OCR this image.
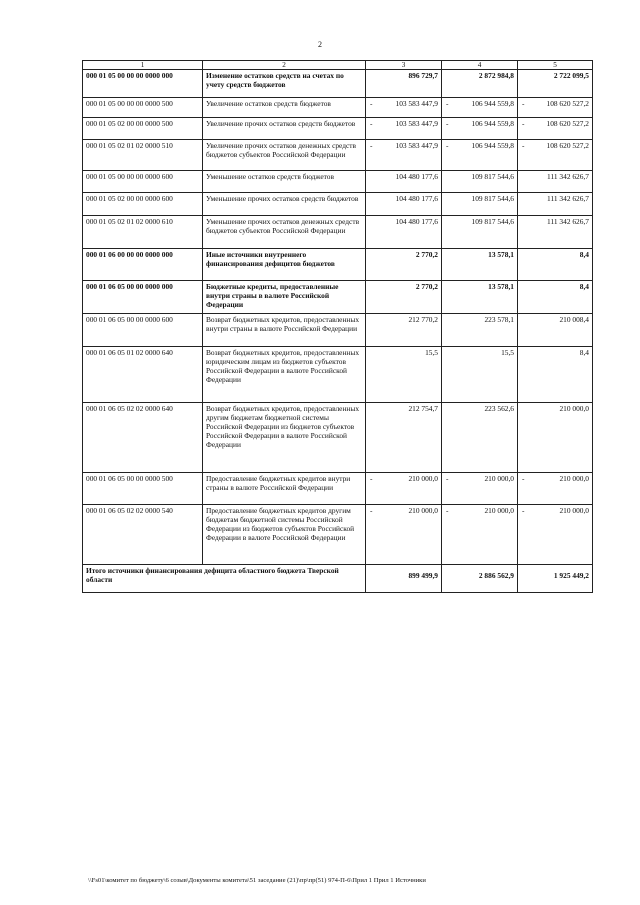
2
1	2	3	4	5
000 01 05 00 00 00 0000 000	Изменение остатков средств на счетах по учету средств бюджетов	896 729,7	2 872 984,8	2 722 099,5
000 01 05 00 00 00 0000 500	Увеличение остатков средств бюджетов	- 103 583 447,9	- 106 944 559,8	- 108 620 527,2
000 01 05 02 00 00 0000 500	Увеличение прочих остатков средств бюджетов	- 103 583 447,9	- 106 944 559,8	- 108 620 527,2
000 01 05 02 01 02 0000 510	Увеличение прочих остатков денежных средств бюджетов субъектов Российской Федерации	- 103 583 447,9	- 106 944 559,8	- 108 620 527,2
000 01 05 00 00 00 0000 600	Уменьшение остатков средств бюджетов	104 480 177,6	109 817 544,6	111 342 626,7
000 01 05 02 00 00 0000 600	Уменьшение прочих остатков средств бюджетов	104 480 177,6	109 817 544,6	111 342 626,7
000 01 05 02 01 02 0000 610	Уменьшение прочих остатков денежных средств бюджетов субъектов Российской Федерации	104 480 177,6	109 817 544,6	111 342 626,7
000 01 06 00 00 00 0000 000	Иные источники внутреннего финансирования дефицитов бюджетов	2 770,2	13 578,1	8,4
000 01 06 05 00 00 0000 000	Бюджетные кредиты, предоставленные внутри страны в валюте Российской Федерации	2 770,2	13 578,1	8,4
000 01 06 05 00 00 0000 600	Возврат бюджетных кредитов, предоставленных внутри страны в валюте Российской Федерации	212 770,2	223 578,1	210 008,4
000 01 06 05 01 02 0000 640	Возврат бюджетных кредитов, предоставленных юридическим лицам из бюджетов субъектов Российской Федерации в валюте Российской Федерации	15,5	15,5	8,4
000 01 06 05 02 02 0000 640	Возврат бюджетных кредитов, предоставленных другим бюджетам бюджетной системы Российской Федерации из бюджетов субъектов Российской Федерации в валюте Российской Федерации	212 754,7	223 562,6	210 000,0
000 01 06 05 00 00 0000 500	Предоставление бюджетных кредитов внутри страны в валюте Российской Федерации	- 210 000,0	- 210 000,0	- 210 000,0
000 01 06 05 02 02 0000 540	Предоставление бюджетных кредитов другим бюджетам бюджетной системы Российской Федерации из бюджетов субъектов Российской Федерации в валюте Российской Федерации	- 210 000,0	- 210 000,0	- 210 000,0
Итого источники финансирования дефицита областного бюджета Тверской области		899 499,9	2 886 562,9	1 925 449,2
\\Fs01\комитет по бюджету\6 созыв\Документы комитета\51 заседание (21)\пр\пр(51) 974-П-6\Прил 1 Прил 1 Источники
